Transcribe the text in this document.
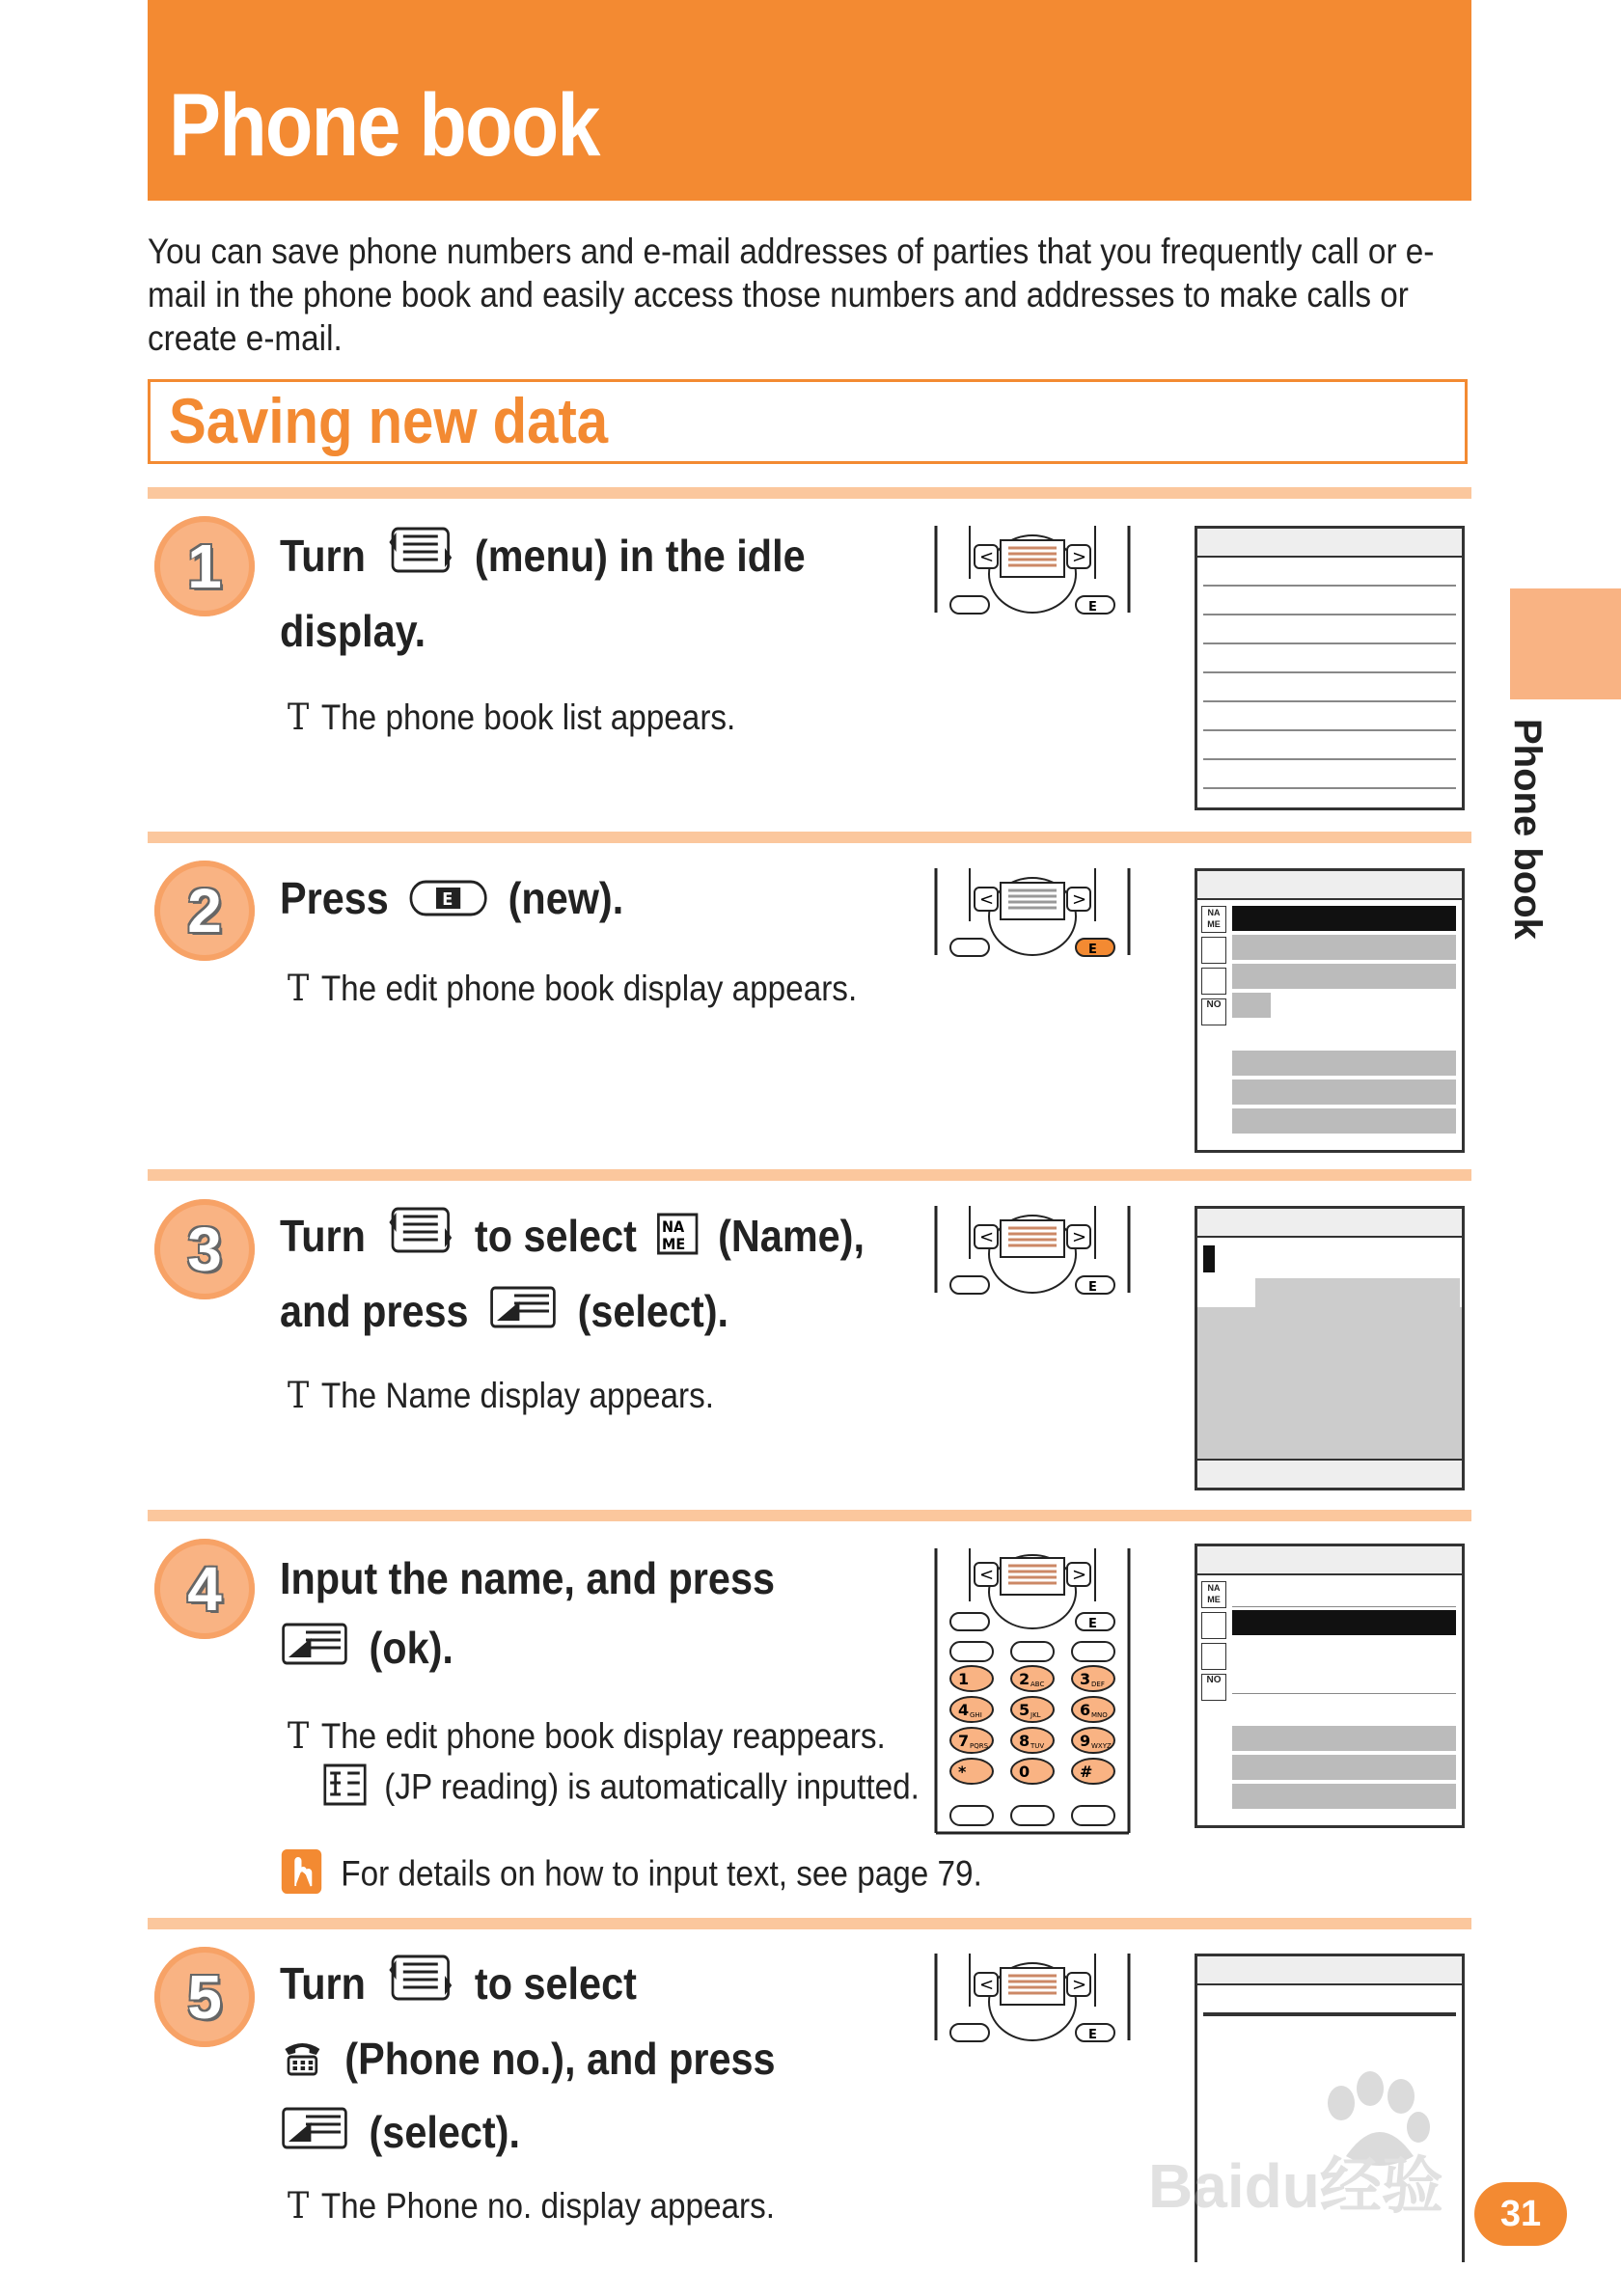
Phone book
You can save phone numbers and e-mail addresses of parties that you frequently call or e-mail in the phone book and easily access those numbers and addresses to make calls or create e-mail.
Saving new data
Phone book
1	Turn (menu) in the idle
display.
T The phone book list appears.
<	>
E
2	Press	E (new).
T The edit phone book display appears.
<	>
E
NA ME
NO
3	Turn to select NA
ME (Name),
and press (select).
T The Name display appears.
<	>
E
4	Input the name, and press
(ok).
T The edit phone book display reappears.
(JP reading) is automatically inputted.
For details on how to input text, see page 79.
<	>
E
1	2 ABC 3 DEF
4 GHI 5 JKL	6 MNO
7 PQRS 8 TUV 9 WXYZ
*	0	#
NA ME
NO
5	Turn to select
(Phone no.), and press
(select).
T The Phone no. display appears.
<	>
E
Baidu经验	31
